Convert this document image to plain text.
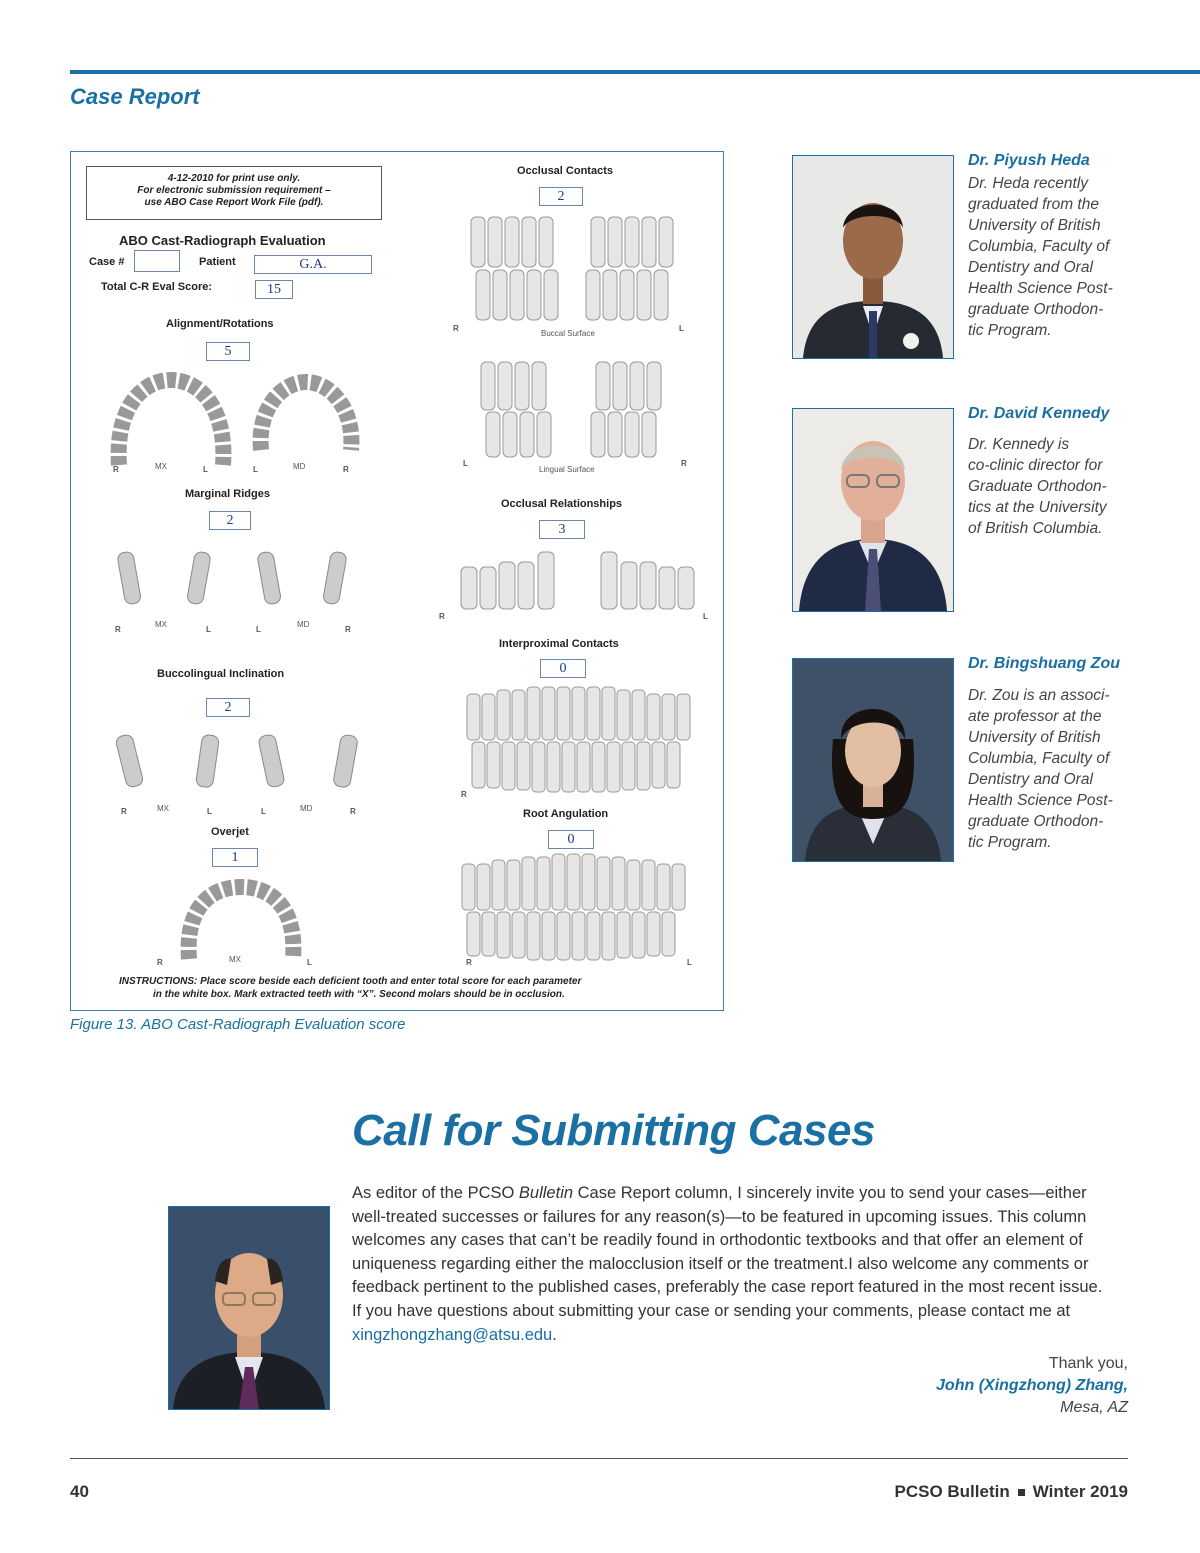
Case Report
4-12-2010 for print use only.
For electronic submission requirement –
use ABO Case Report Work File (pdf).
ABO Cast-Radiograph Evaluation
Case #	Patient	G.A.
Total C-R Eval Score:	15
Alignment/Rotations
5
R	MX	L	L	MD	R
Marginal Ridges
2
R
MX
L	L
MD
R
Buccolingual Inclination
2
R	MX	L	L	MD	R
Overjet
1
R	MX	L
Occlusal Contacts
2
R
Buccal Surface
L
L
Lingual Surface
R
Occlusal Relationships
3
R	L
Interproximal Contacts
0
R
Root Angulation
0
R	L
INSTRUCTIONS: Place score beside each deficient tooth and enter total score for each parameter
in the white box. Mark extracted teeth with “X”. Second molars should be in occlusion.
Figure 13. ABO Cast-Radiograph Evaluation score
Dr. Piyush Heda
Dr. Heda recently
graduated from the
University of British
Columbia, Faculty of
Dentistry and Oral
Health Science Post-
graduate Orthodon-
tic Program.
Dr. David Kennedy
Dr. Kennedy is
co-clinic director for
Graduate Orthodon-
tics at the University
of British Columbia.
Dr. Bingshuang Zou
Dr. Zou is an associ-
ate professor at the
University of British
Columbia, Faculty of
Dentistry and Oral
Health Science Post-
graduate Orthodon-
tic Program.
Call for Submitting Cases
As editor of the PCSO Bulletin Case Report column, I sincerely invite you to send your cases—either
well-treated successes or failures for any reason(s)—to be featured in upcoming issues. This column
welcomes any cases that can’t be readily found in orthodontic textbooks and that offer an element of
uniqueness regarding either the malocclusion itself or the treatment.I also welcome any comments or
feedback pertinent to the published cases, preferably the case report featured in the most recent issue.
If you have questions about submitting your case or sending your comments, please contact me at
xingzhongzhang@atsu.edu.
Thank you,
John (Xingzhong) Zhang,
Mesa, AZ
40	PCSO Bulletin Winter 2019
